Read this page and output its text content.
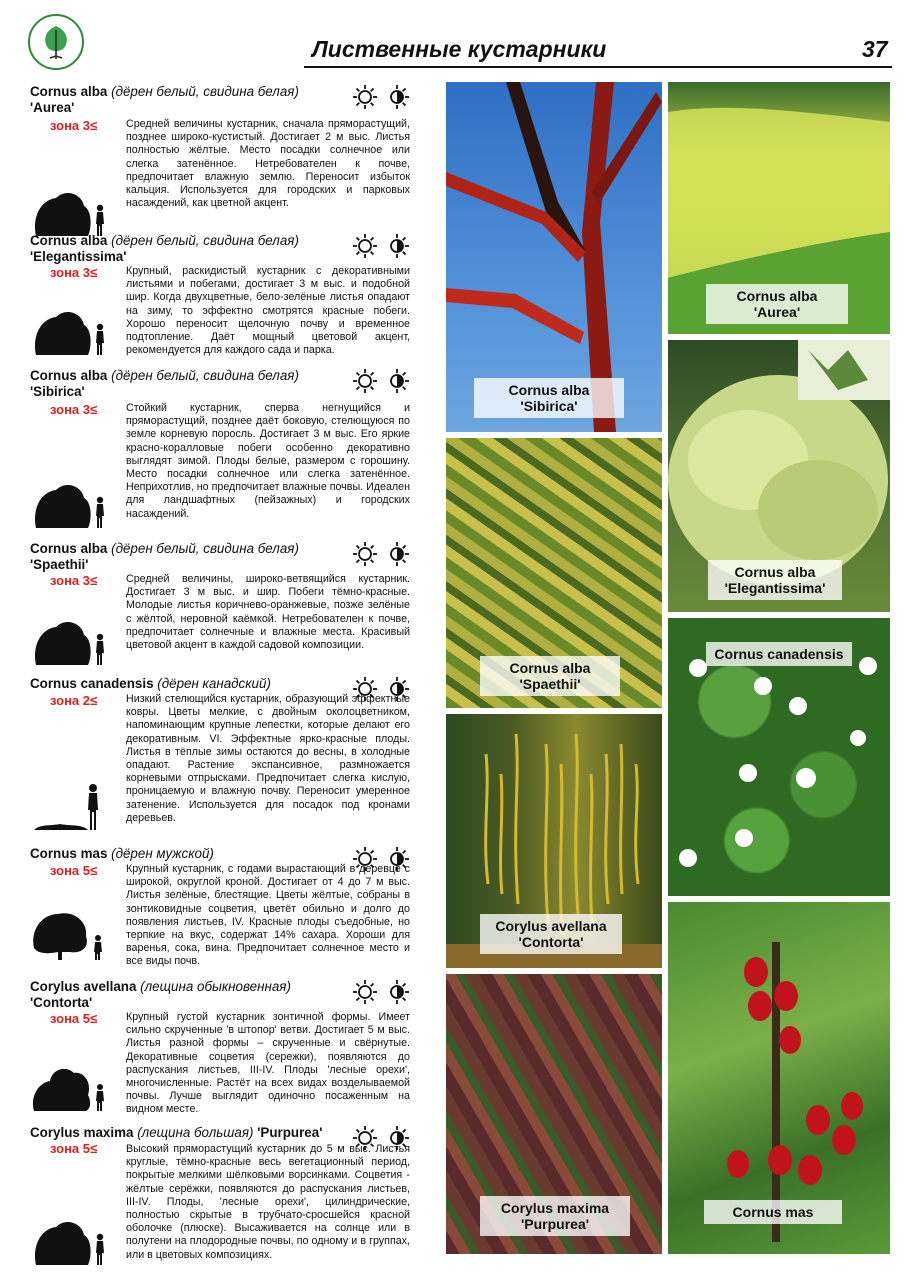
Лиственные кустарники	37
Cornus alba (дёрен белый, свидина белая)
'Aurea'
зона 3≤	Средней величины кустарник, сначала пряморастущий, позднее широко-кустистый. Достигает 2 м выс. Листья полностью жёлтые. Место посадки солнечное или слегка затенённое. Нетребователен к почве, предпочитает влажную землю. Переносит избыток кальция. Используется для городских и парковых насаждений, как цветной акцент.
Cornus alba (дёрен белый, свидина белая)
'Elegantissima'
зона 3≤	Крупный, раскидистый кустарник с декоративными листьями и побегами, достигает 3 м выс. и подобной шир. Когда двухцветные, бело-зелёные листья опадают на зиму, то эффектно смотрятся красные побеги. Хорошо переносит щелочную почву и временное подтопление. Даёт мощный цветовой акцент, рекомендуется для каждого сада и парка.
Cornus alba (дёрен белый, свидина белая)
'Sibirica'
зона 3≤	Стойкий кустарник, сперва негнущийся и пряморастущий, позднее даёт боковую, стелющуюся по земле корневую поросль. Достигает 3 м выс. Его яркие красно-коралловые побеги особенно декоративно выглядят зимой. Плоды белые, размером с горошину. Место посадки солнечное или слегка затенённое. Неприхотлив, но предпочитает влажные почвы. Идеален для ландшафтных (пейзажных) и городских насаждений.
Cornus alba (дёрен белый, свидина белая)
'Spaethii'
зона 3≤	Средней величины, широко-ветвящийся кустарник. Достигает 3 м выс. и шир. Побеги тёмно-красные. Молодые листья коричнево-оранжевые, позже зелёные с жёлтой, неровной каёмкой. Нетребователен к почве, предпочитает солнечные и влажные места. Красивый цветовой акцент в каждой садовой композиции.
Cornus canadensis (дёрен канадский)
зона 2≤	Низкий стелющийся кустарник, образующий эффектные ковры. Цветы мелкие, с двойным околоцветником, напоминающим крупные лепестки, которые делают его декоративным. VI. Эффектные ярко-красные плоды. Листья в тёплые зимы остаются до весны, в холодные опадают. Растение экспансивное, размножается корневыми отпрысками. Предпочитает слегка кислую, проницаемую и влажную почву. Переносит умеренное затенение. Используется для посадок под кронами деревьев.
Cornus mas (дёрен мужской)
зона 5≤	Крупный кустарник, с годами вырастающий в деревце с широкой, округлой кроной. Достигает от 4 до 7 м выс. Листья зелёные, блестящие. Цветы жёлтые, собраны в зонтиковидные соцветия, цветёт обильно и долго до появления листьев, IV. Красные плоды съедобные, но терпкие на вкус, содержат 14% сахара. Хороши для варенья, сока, вина. Предпочитает солнечное место и все виды почв.
Corylus avellana (лещина обыкновенная)
'Contorta'
зона 5≤	Крупный густой кустарник зонтичной формы. Имеет сильно скрученные 'в штопор' ветви. Достигает 5 м выс. Листья разной формы – скрученные и свёрнутые. Декоративные соцветия (сережки), появляются до распускания листьев, III-IV. Плоды 'лесные орехи', многочисленные. Растёт на всех видах возделываемой почвы. Лучше выглядит одиночно посаженным на видном месте.
Corylus maxima (лещина большая) 'Purpurea'
зона 5≤	Высокий пряморастущий кустарник до 5 м выс. Листья круглые, тёмно-красные весь вегетационный период, покрытые мелкими шёлковыми ворсинками. Соцветия - жёлтые серёжки, появляются до распускания листьев, III-IV. Плоды, 'лесные орехи', цилиндрические, полностью скрытые в трубчато-сросшейся красной оболочке (плюске). Высаживается на солнце или в полутени на плодородные почвы, по одному и в группах, или в цветовых композициях.
Cornus alba 'Sibirica'
Cornus alba 'Aurea'
Cornus alba
'Elegantissima'
Cornus alba
'Spaethii'
Cornus canadensis
Corylus avellana
'Contorta'
Corylus maxima
'Purpurea'
Cornus mas
